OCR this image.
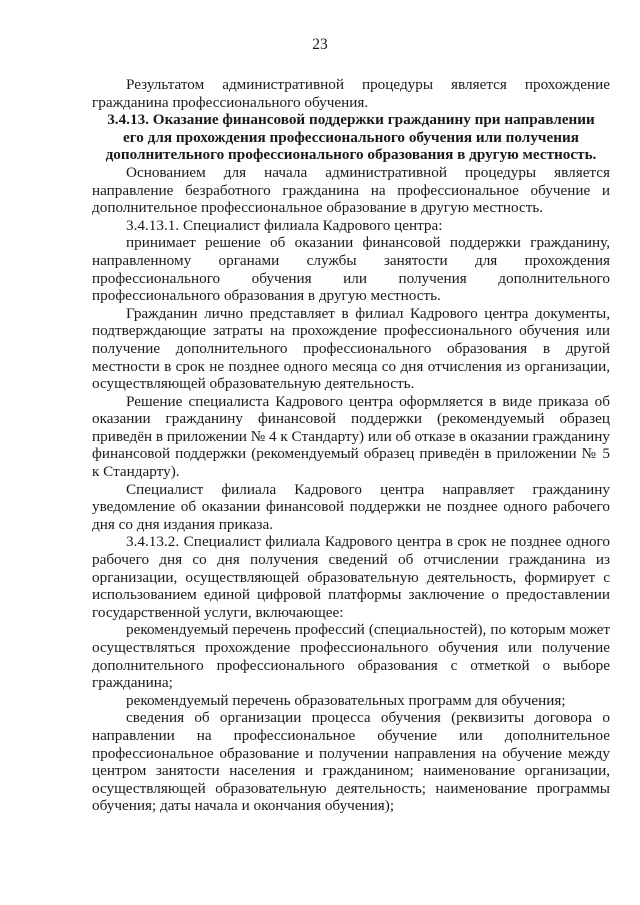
23

Результатом административной процедуры является прохождение гражданина профессионального обучения.

3.4.13. Оказание финансовой поддержки гражданину при направлении его для прохождения профессионального обучения или получения дополнительного профессионального образования в другую местность.

Основанием для начала административной процедуры является направление безработного гражданина на профессиональное обучение и дополнительное профессиональное образование в другую местность.

3.4.13.1. Специалист филиала Кадрового центра:

принимает решение об оказании финансовой поддержки гражданину, направленному органами службы занятости для прохождения профессионального обучения или получения дополнительного профессионального образования в другую местность.

Гражданин лично представляет в филиал Кадрового центра документы, подтверждающие затраты на прохождение профессионального обучения или получение дополнительного профессионального образования в другой местности в срок не позднее одного месяца со дня отчисления из организации, осуществляющей образовательную деятельность.

Решение специалиста Кадрового центра оформляется в виде приказа об оказании гражданину финансовой поддержки (рекомендуемый образец приведён в приложении № 4 к Стандарту) или об отказе в оказании гражданину финансовой поддержки (рекомендуемый образец приведён в приложении № 5 к Стандарту).

Специалист филиала Кадрового центра направляет гражданину уведомление об оказании финансовой поддержки не позднее одного рабочего дня со дня издания приказа.

3.4.13.2. Специалист филиала Кадрового центра в срок не позднее одного рабочего дня со дня получения сведений об отчислении гражданина из организации, осуществляющей образовательную деятельность, формирует с использованием единой цифровой платформы заключение о предоставлении государственной услуги, включающее:

рекомендуемый перечень профессий (специальностей), по которым может осуществляться прохождение профессионального обучения или получение дополнительного профессионального образования с отметкой о выборе гражданина;

рекомендуемый перечень образовательных программ для обучения;

сведения об организации процесса обучения (реквизиты договора о направлении на профессиональное обучение или дополнительное профессиональное образование и получении направления на обучение между центром занятости населения и гражданином; наименование организации, осуществляющей образовательную деятельность; наименование программы обучения; даты начала и окончания обучения);
